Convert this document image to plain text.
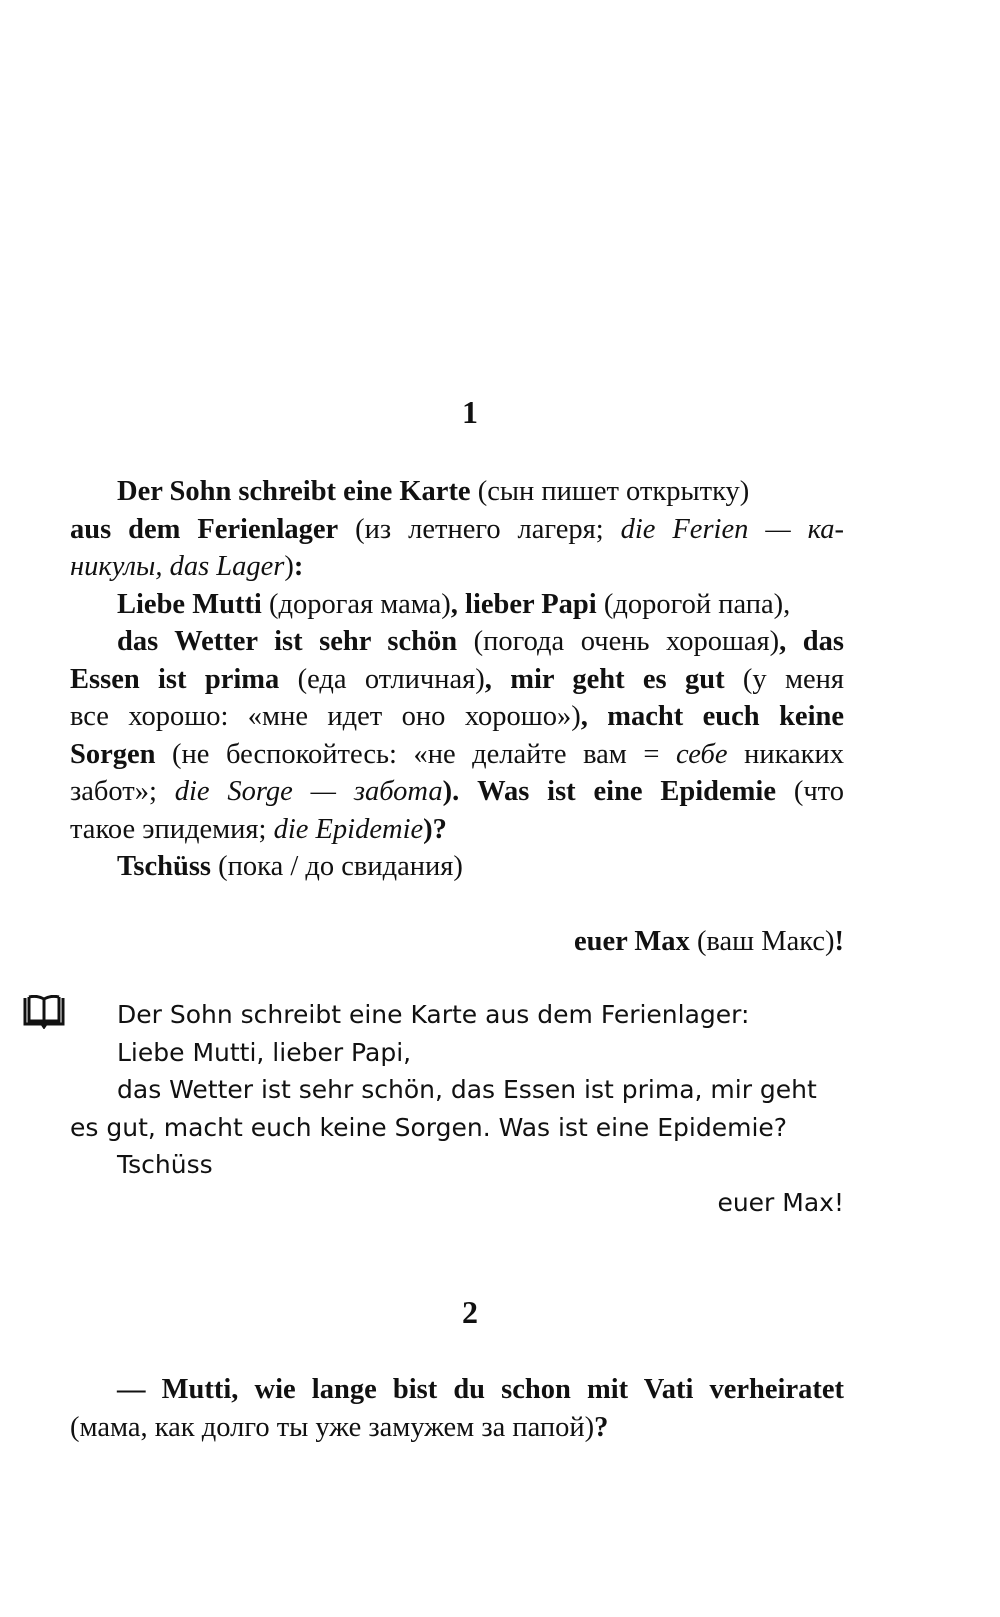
1
Der Sohn schreibt eine Karte (сын пишет открытку)
aus dem Ferienlager (из летнего лагеря; die Ferien — ка-
никулы, das Lager):
Liebe Mutti (дорогая мама), lieber Papi (дорогой папа),
das Wetter ist sehr schön (погода очень хорошая), das
Essen ist prima (еда отличная), mir geht es gut (у меня
все хорошо: «мне идет оно хорошо»), macht euch keine
Sorgen (не беспокойтесь: «не делайте вам = себе никаких
забот»; die Sorge — забота). Was ist eine Epidemie (что
такое эпидемия; die Epidemie)?
Tschüss (пока / до свидания)
euer Max (ваш Макс)!
Der Sohn schreibt eine Karte aus dem Ferienlager:
Liebe Mutti, lieber Papi,
das Wetter ist sehr schön, das Essen ist prima, mir geht
es gut, macht euch keine Sorgen. Was ist eine Epidemie?
Tschüss
euer Max!
2
— Mutti, wie lange bist du schon mit Vati verheiratet
(мама, как долго ты уже замужем за папой)?
